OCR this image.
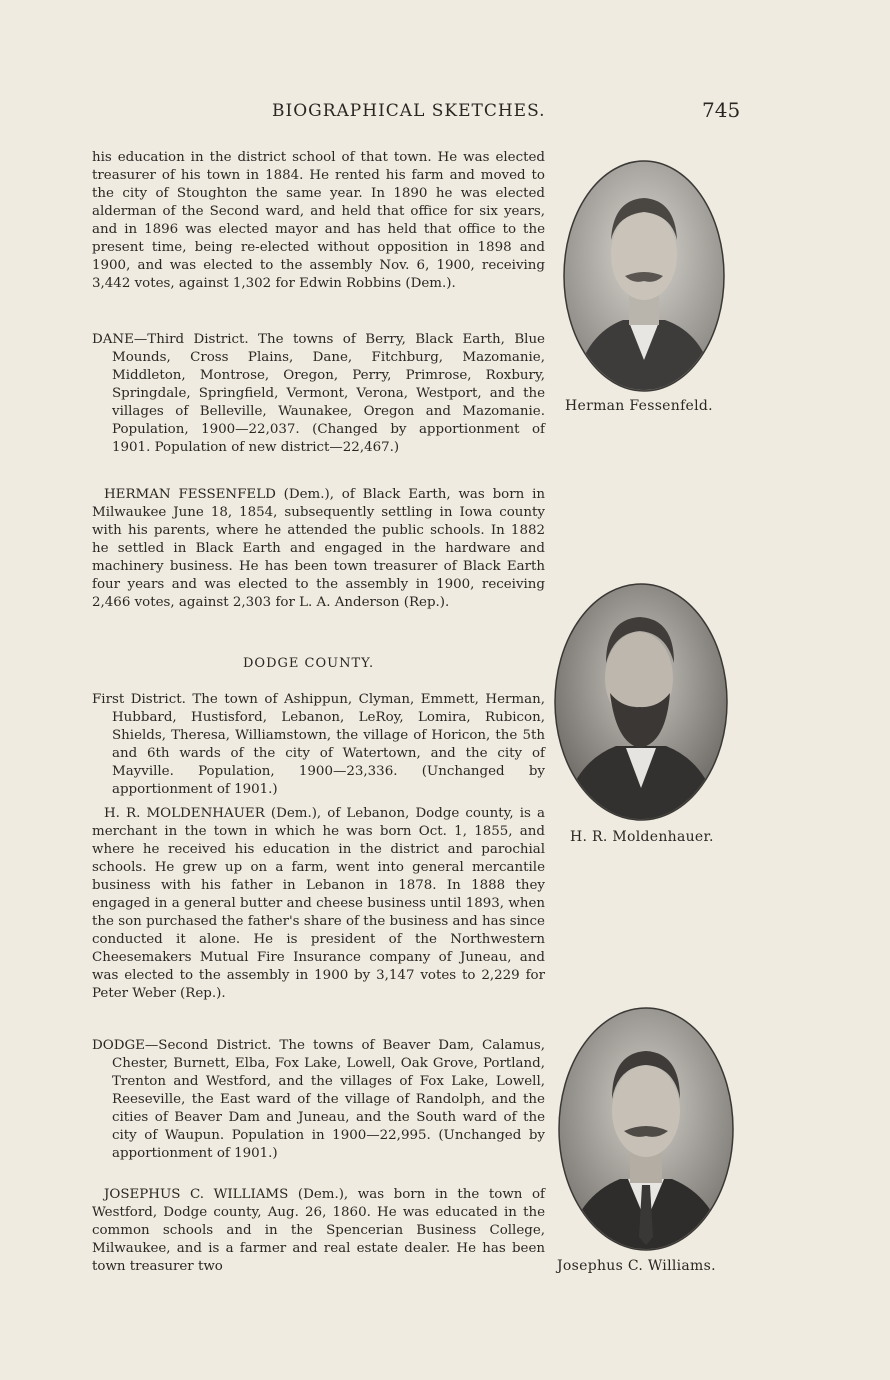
BIOGRAPHICAL SKETCHES.	745

his education in the district school of that town. He was elected treasurer of his town in 1884. He rented his farm and moved to the city of Stoughton the same year. In 1890 he was elected alderman of the Second ward, and held that office for six years, and in 1896 was elected mayor and has held that office to the present time, being re-elected without opposition in 1898 and 1900, and was elected to the assembly Nov. 6, 1900, receiving 3,442 votes, against 1,302 for Edwin Robbins (Dem.).

DANE—Third District. The towns of Berry, Black Earth, Blue Mounds, Cross Plains, Dane, Fitchburg, Mazomanie, Middleton, Montrose, Oregon, Perry, Primrose, Roxbury, Springdale, Springfield, Vermont, Verona, Westport, and the villages of Belleville, Waunakee, Oregon and Mazomanie. Population, 1900—22,037. (Changed by apportionment of 1901. Population of new district—22,467.)

HERMAN FESSENFELD (Dem.), of Black Earth, was born in Milwaukee June 18, 1854, subsequently settling in Iowa county with his parents, where he attended the public schools. In 1882 he settled in Black Earth and engaged in the hardware and machinery business. He has been town treasurer of Black Earth four years and was elected to the assembly in 1900, receiving 2,466 votes, against 2,303 for L. A. Anderson (Rep.).

First District. The town of Ashippun, Clyman, Emmett, Herman, Hubbard, Hustisford, Lebanon, LeRoy, Lomira, Rubicon, Shields, Theresa, Williamstown, the village of Horicon, the 5th and 6th wards of the city of Watertown, and the city of Mayville. Population, 1900—23,336. (Unchanged by apportionment of 1901.)

H. R. MOLDENHAUER (Dem.), of Lebanon, Dodge county, is a merchant in the town in which he was born Oct. 1, 1855, and where he received his education in the district and parochial schools. He grew up on a farm, went into general mercantile business with his father in Lebanon in 1878. In 1888 they engaged in a general butter and cheese business until 1893, when the son purchased the father's share of the business and has since conducted it alone. He is president of the Northwestern Cheesemakers Mutual Fire Insurance company of Juneau, and was elected to the assembly in 1900 by 3,147 votes to 2,229 for Peter Weber (Rep.).

DODGE—Second District. The towns of Beaver Dam, Calamus, Chester, Burnett, Elba, Fox Lake, Lowell, Oak Grove, Portland, Trenton and Westford, and the villages of Fox Lake, Lowell, Reeseville, the East ward of the village of Randolph, and the cities of Beaver Dam and Juneau, and the South ward of the city of Waupun. Population in 1900—22,995. (Unchanged by apportionment of 1901.)

JOSEPHUS C. WILLIAMS (Dem.), was born in the town of Westford, Dodge county, Aug. 26, 1860. He was educated in the common schools and in the Spencerian Business College, Milwaukee, and is a farmer and real estate dealer. He has been town treasurer two

DODGE COUNTY.
Herman Fessenfeld.
H. R. Moldenhauer.
Josephus C. Williams.
